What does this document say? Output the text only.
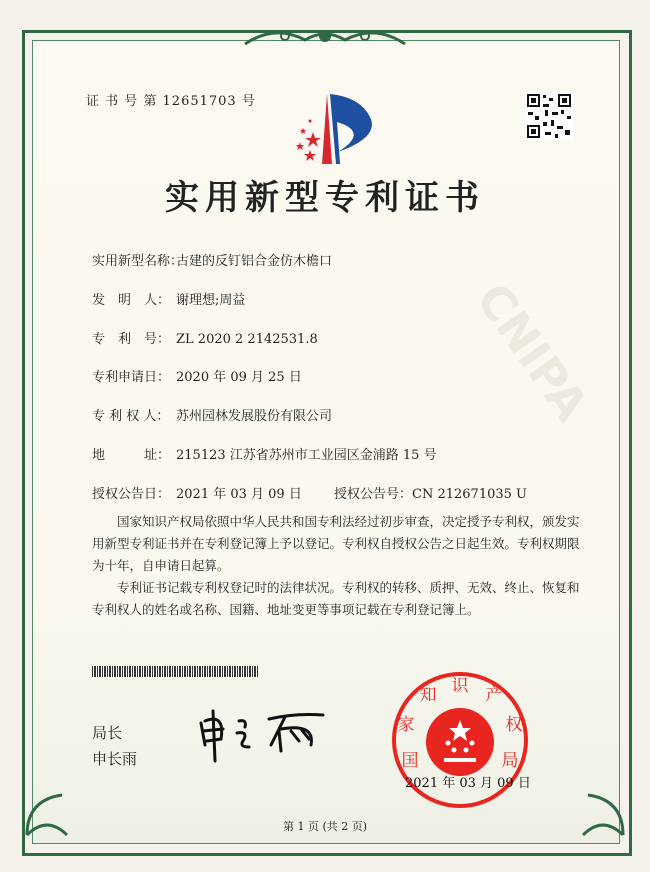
CNIPA
证 书 号 第 12651703 号
实用新型专利证书
实用新型名称：古建的反钉铝合金仿木檐口
发　明　人： 谢理想;周益
专　利　号： ZL 2020 2 2142531.8
专利申请日： 2020 年 09 月 25 日
专 利 权 人： 苏州园林发展股份有限公司
地　　　址： 215123 江苏省苏州市工业园区金浦路 15 号
授权公告日： 2021 年 03 月 09 日 授权公告号：CN 212671035 U
国家知识产权局依照中华人民共和国专利法经过初步审查，决定授予专利权，颁发实用新型专利证书并在专利登记簿上予以登记。专利权自授权公告之日起生效。专利权期限为十年，自申请日起算。
专利证书记载专利权登记时的法律状况。专利权的转移、质押、无效、终止、恢复和专利权人的姓名或名称、国籍、地址变更等事项记载在专利登记簿上。
局长
申长雨	国
家
知 识 产
权
局
2021 年 03 月 09 日
第 1 页 (共 2 页)
